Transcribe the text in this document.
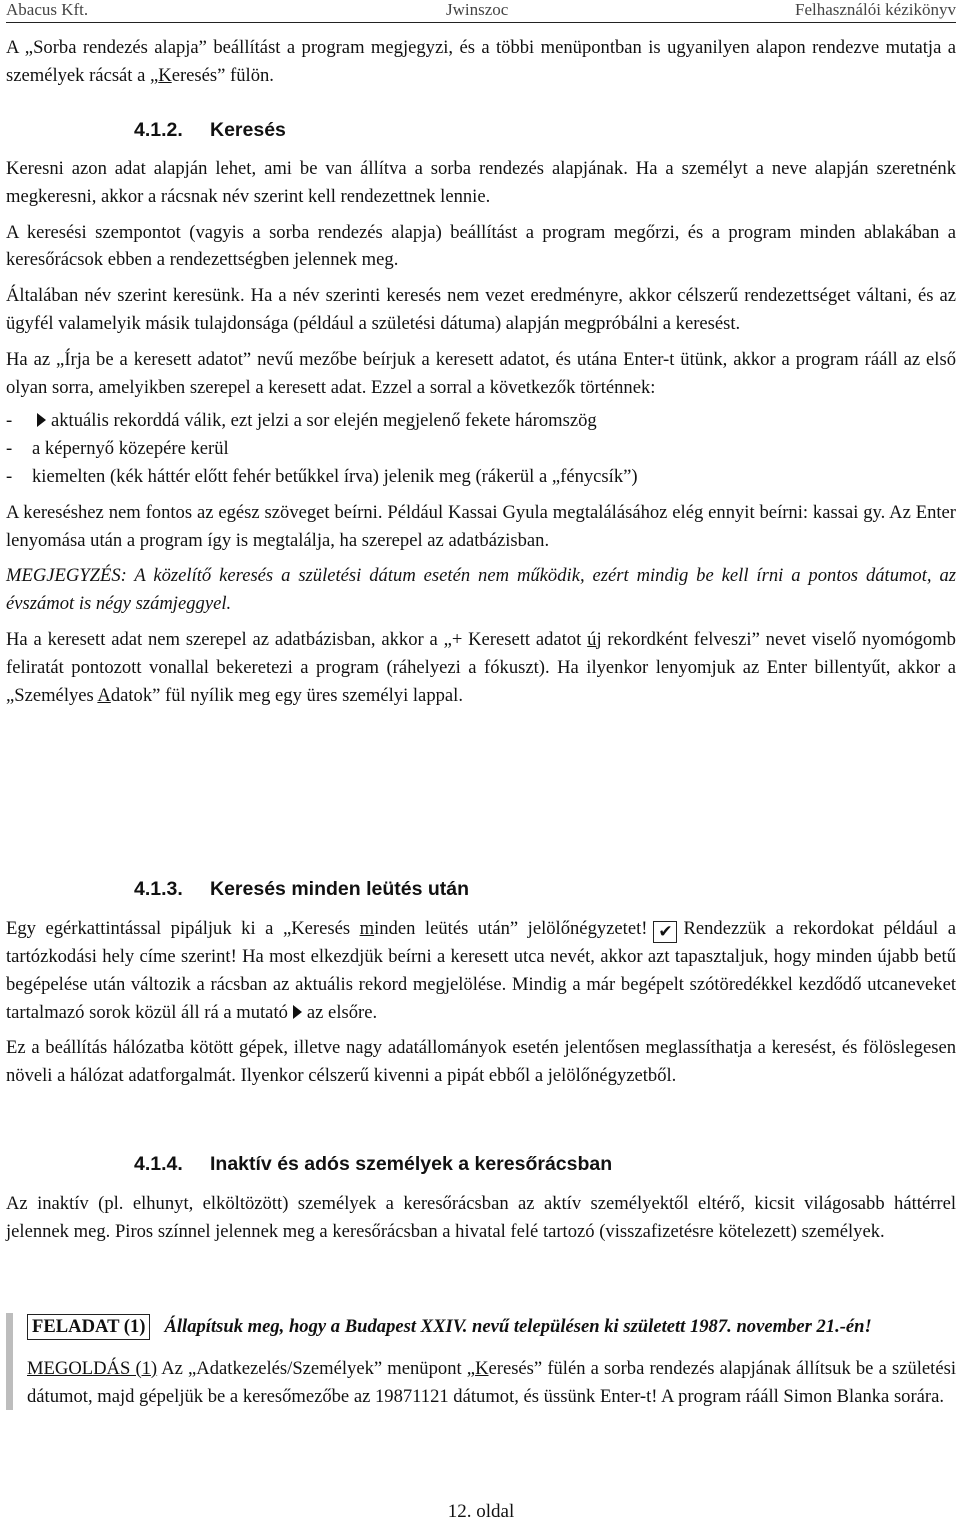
Abacus Kft.	Jwinszoc	Felhasználói kézikönyv

A „Sorba rendezés alapja” beállítást a program megjegyzi, és a többi menüpontban is ugyanilyen alapon rendezve mutatja a személyek rácsát a „Keresés” fülön.

4.1.2. Keresés

Keresni azon adat alapján lehet, ami be van állítva a sorba rendezés alapjának. Ha a személyt a neve alapján szeretnénk megkeresni, akkor a rácsnak név szerint kell rendezettnek lennie.

A keresési szempontot (vagyis a sorba rendezés alapja) beállítást a program megőrzi, és a program minden ablakában a keresőrácsok ebben a rendezettségben jelennek meg.

Általában név szerint keresünk. Ha a név szerinti keresés nem vezet eredményre, akkor célszerű rendezettséget váltani, és az ügyfél valamelyik másik tulajdonsága (például a születési dátuma) alapján megpróbálni a keresést.

Ha az „Írja be a keresett adatot” nevű mezőbe beírjuk a keresett adatot, és utána Enter-t ütünk, akkor a program rááll az első olyan sorra, amelyikben szerepel a keresett adat. Ezzel a sorral a következők történnek:

- aktuális rekorddá válik, ezt jelzi a sor elején megjelenő fekete háromszög
- a képernyő közepére kerül
- kiemelten (kék háttér előtt fehér betűkkel írva) jelenik meg (rákerül a „fénycsík”)

A kereséshez nem fontos az egész szöveget beírni. Például Kassai Gyula megtalálásához elég ennyit beírni: kassai gy. Az Enter lenyomása után a program így is megtalálja, ha szerepel az adatbázisban.

MEGJEGYZÉS: A közelítő keresés a születési dátum esetén nem működik, ezért mindig be kell írni a pontos dátumot, az évszámot is négy számjeggyel.

Ha a keresett adat nem szerepel az adatbázisban, akkor a „+ Keresett adatot új rekordként felveszi” nevet viselő nyomógomb feliratát pontozott vonallal bekeretezi a program (ráhelyezi a fókuszt). Ha ilyenkor lenyomjuk az Enter billentyűt, akkor a „Személyes Adatok” fül nyílik meg egy üres személyi lappal.

4.1.3. Keresés minden leütés után

Egy egérkattintással pipáljuk ki a „Keresés minden leütés után” jelölőnégyzetet! ✔ Rendezzük a rekordokat például a tartózkodási hely címe szerint! Ha most elkezdjük beírni a keresett utca nevét, akkor azt tapasztaljuk, hogy minden újabb betű begépelése után változik a rácsban az aktuális rekord megjelölése. Mindig a már begépelt szótöredékkel kezdődő utcaneveket tartalmazó sorok közül áll rá a mutató az elsőre.

Ez a beállítás hálózatba kötött gépek, illetve nagy adatállományok esetén jelentősen meglassíthatja a keresést, és fölöslegesen növeli a hálózat adatforgalmát. Ilyenkor célszerű kivenni a pipát ebből a jelölőnégyzetből.

4.1.4. Inaktív és adós személyek a keresőrácsban

Az inaktív (pl. elhunyt, elköltözött) személyek a keresőrácsban az aktív személyektől eltérő, kicsit világosabb háttérrel jelennek meg. Piros színnel jelennek meg a keresőrácsban a hivatal felé tartozó (visszafizetésre kötelezett) személyek.

FELADAT (1) Állapítsuk meg, hogy a Budapest XXIV. nevű településen ki született 1987. november 21.-én!

MEGOLDÁS (1) Az „Adatkezelés/Személyek” menüpont „Keresés” fülén a sorba rendezés alapjának állítsuk be a születési dátumot, majd gépeljük be a keresőmezőbe az 19871121 dátumot, és üssünk Enter-t! A program rááll Simon Blanka sorára.

12. oldal
